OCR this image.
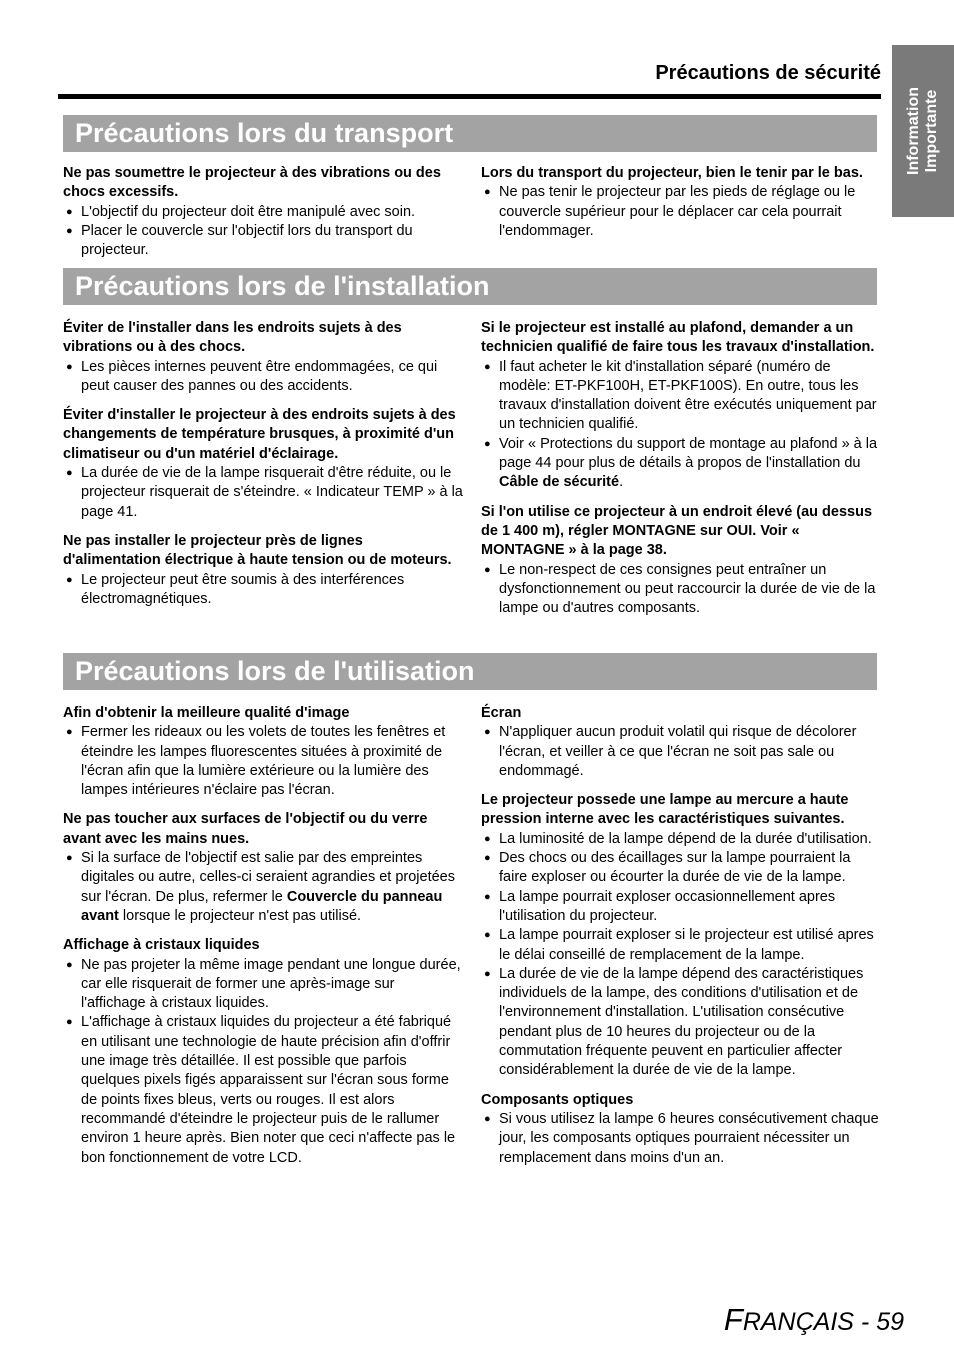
Précautions de sécurité
Information Importante
Précautions lors du transport
Ne pas soumettre le projecteur à des vibrations ou des chocs excessifs.
● L'objectif du projecteur doit être manipulé avec soin.
● Placer le couvercle sur l'objectif lors du transport du projecteur.
Lors du transport du projecteur, bien le tenir par le bas.
● Ne pas tenir le projecteur par les pieds de réglage ou le couvercle supérieur pour le déplacer car cela pourrait l'endommager.
Précautions lors de l'installation
Éviter de l'installer dans les endroits sujets à des vibrations ou à des chocs.
● Les pièces internes peuvent être endommagées, ce qui peut causer des pannes ou des accidents.
Éviter d'installer le projecteur à des endroits sujets à des changements de température brusques, à proximité d'un climatiseur ou d'un matériel d'éclairage.
● La durée de vie de la lampe risquerait d'être réduite, ou le projecteur risquerait de s'éteindre. « Indicateur TEMP » à la page 41.
Ne pas installer le projecteur près de lignes d'alimentation électrique à haute tension ou de moteurs.
● Le projecteur peut être soumis à des interférences électromagnétiques.
Si le projecteur est installé au plafond, demander a un technicien qualifié de faire tous les travaux d'installation.
● Il faut acheter le kit d'installation séparé (numéro de modèle: ET-PKF100H, ET-PKF100S). En outre, tous les travaux d'installation doivent être exécutés uniquement par un technicien qualifié.
● Voir « Protections du support de montage au plafond » à la page 44 pour plus de détails à propos de l'installation du Câble de sécurité.
Si l'on utilise ce projecteur à un endroit élevé (au dessus de 1 400 m), régler MONTAGNE sur OUI. Voir « MONTAGNE » à la page 38.
● Le non-respect de ces consignes peut entraîner un dysfonctionnement ou peut raccourcir la durée de vie de la lampe ou d'autres composants.
Précautions lors de l'utilisation
Afin d'obtenir la meilleure qualité d'image
● Fermer les rideaux ou les volets de toutes les fenêtres et éteindre les lampes fluorescentes situées à proximité de l'écran afin que la lumière extérieure ou la lumière des lampes intérieures n'éclaire pas l'écran.
Ne pas toucher aux surfaces de l'objectif ou du verre avant avec les mains nues.
● Si la surface de l'objectif est salie par des empreintes digitales ou autre, celles-ci seraient agrandies et projetées sur l'écran. De plus, refermer le Couvercle du panneau avant lorsque le projecteur n'est pas utilisé.
Affichage à cristaux liquides
● Ne pas projeter la même image pendant une longue durée, car elle risquerait de former une après-image sur l'affichage à cristaux liquides.
● L'affichage à cristaux liquides du projecteur a été fabriqué en utilisant une technologie de haute précision afin d'offrir une image très détaillée. Il est possible que parfois quelques pixels figés apparaissent sur l'écran sous forme de points fixes bleus, verts ou rouges. Il est alors recommandé d'éteindre le projecteur puis de le rallumer environ 1 heure après. Bien noter que ceci n'affecte pas le bon fonctionnement de votre LCD.
Écran
● N'appliquer aucun produit volatil qui risque de décolorer l'écran, et veiller à ce que l'écran ne soit pas sale ou endommagé.
Le projecteur possede une lampe au mercure a haute pression interne avec les caractéristiques suivantes.
● La luminosité de la lampe dépend de la durée d'utilisation.
● Des chocs ou des écaillages sur la lampe pourraient la faire exploser ou écourter la durée de vie de la lampe.
● La lampe pourrait exploser occasionnellement apres l'utilisation du projecteur.
● La lampe pourrait exploser si le projecteur est utilisé apres le délai conseillé de remplacement de la lampe.
● La durée de vie de la lampe dépend des caractéristiques individuels de la lampe, des conditions d'utilisation et de l'environnement d'installation. L'utilisation consécutive pendant plus de 10 heures du projecteur ou de la commutation fréquente peuvent en particulier affecter considérablement la durée de vie de la lampe.
Composants optiques
● Si vous utilisez la lampe 6 heures consécutivement chaque jour, les composants optiques pourraient nécessiter un remplacement dans moins d'un an.
FRANÇAIS - 59
